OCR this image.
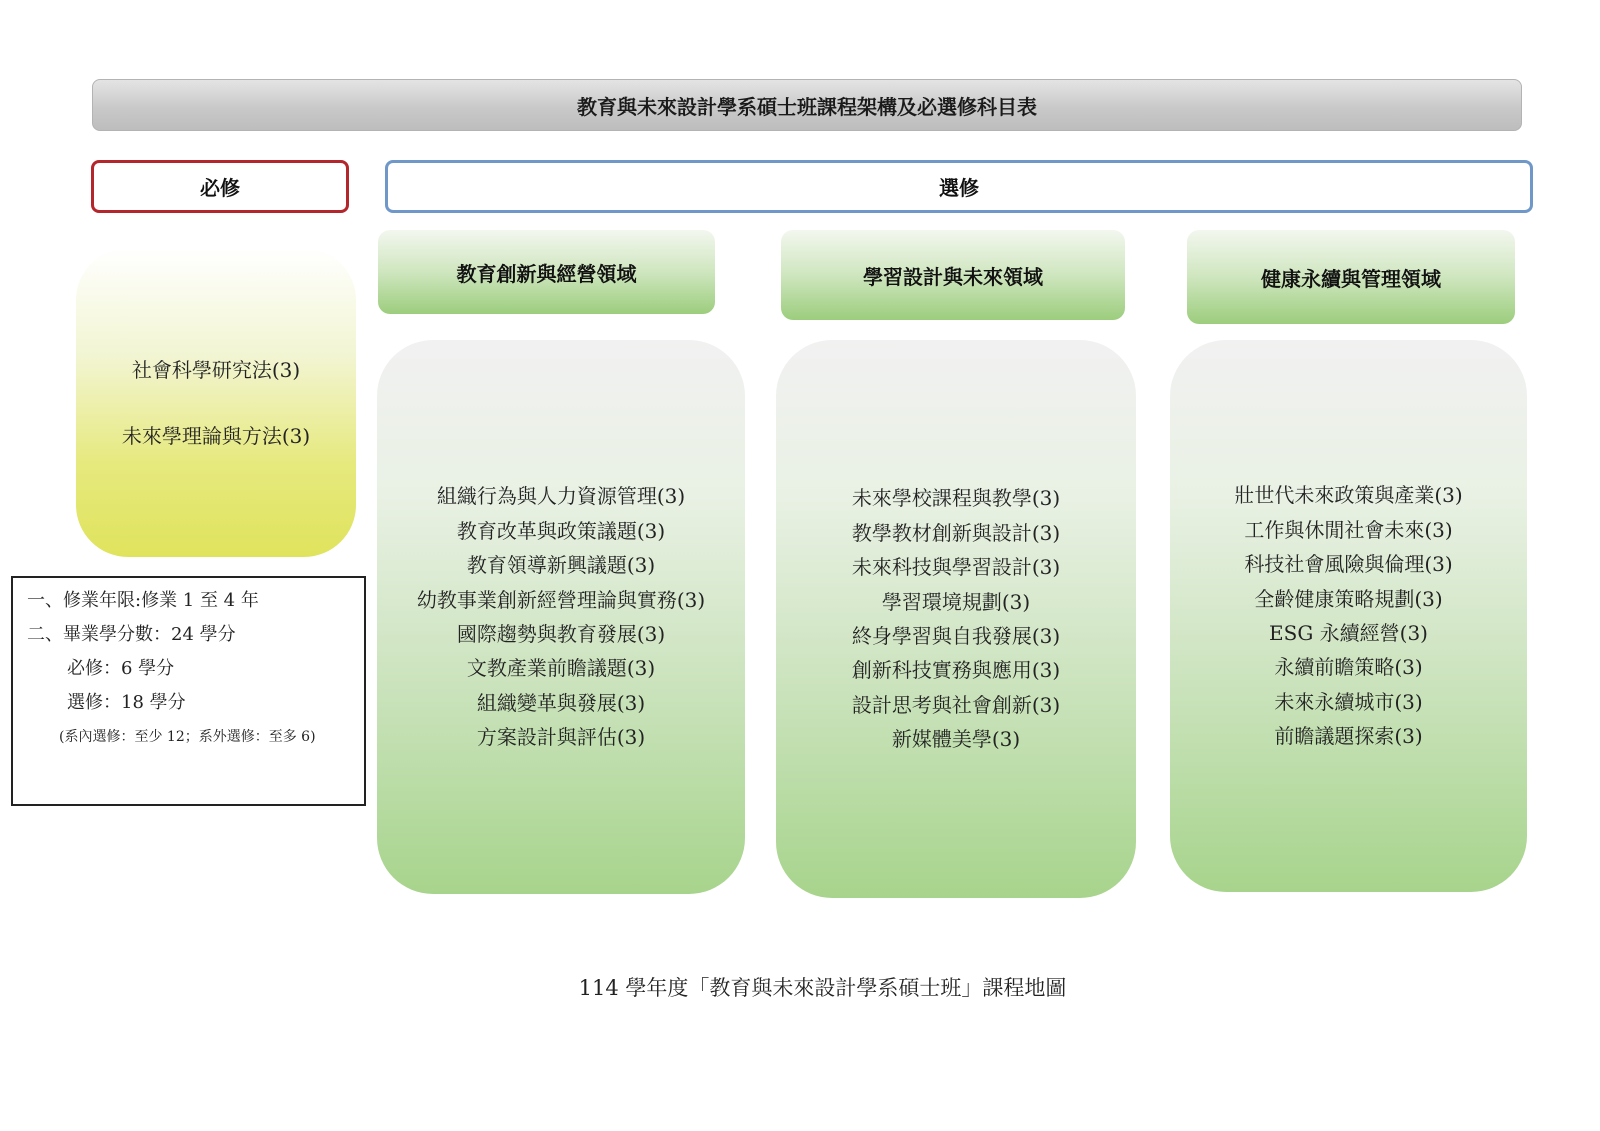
教育與未來設計學系碩士班課程架構及必選修科目表
必修	選修
社會科學研究法(3)
未來學理論與方法(3)
教育創新與經營領域	學習設計與未來領域	健康永續與管理領域
組織行為與人力資源管理(3)
教育改革與政策議題(3)
教育領導新興議題(3)
幼教事業創新經營理論與實務(3)
國際趨勢與教育發展(3)
文教產業前瞻議題(3)
組織變革與發展(3)
方案設計與評估(3)
未來學校課程與教學(3)
教學教材創新與設計(3)
未來科技與學習設計(3)
學習環境規劃(3)
終身學習與自我發展(3)
創新科技實務與應用(3)
設計思考與社會創新(3)
新媒體美學(3)
壯世代未來政策與產業(3)
工作與休閒社會未來(3)
科技社會風險與倫理(3)
全齡健康策略規劃(3)
ESG 永續經營(3)
永續前瞻策略(3)
未來永續城市(3)
前瞻議題探索(3)
一、修業年限:修業 1 至 4 年
二、畢業學分數：24 學分
必修：6 學分
選修：18 學分
(系內選修：至少 12；系外選修：至多 6)
114 學年度「教育與未來設計學系碩士班」課程地圖
